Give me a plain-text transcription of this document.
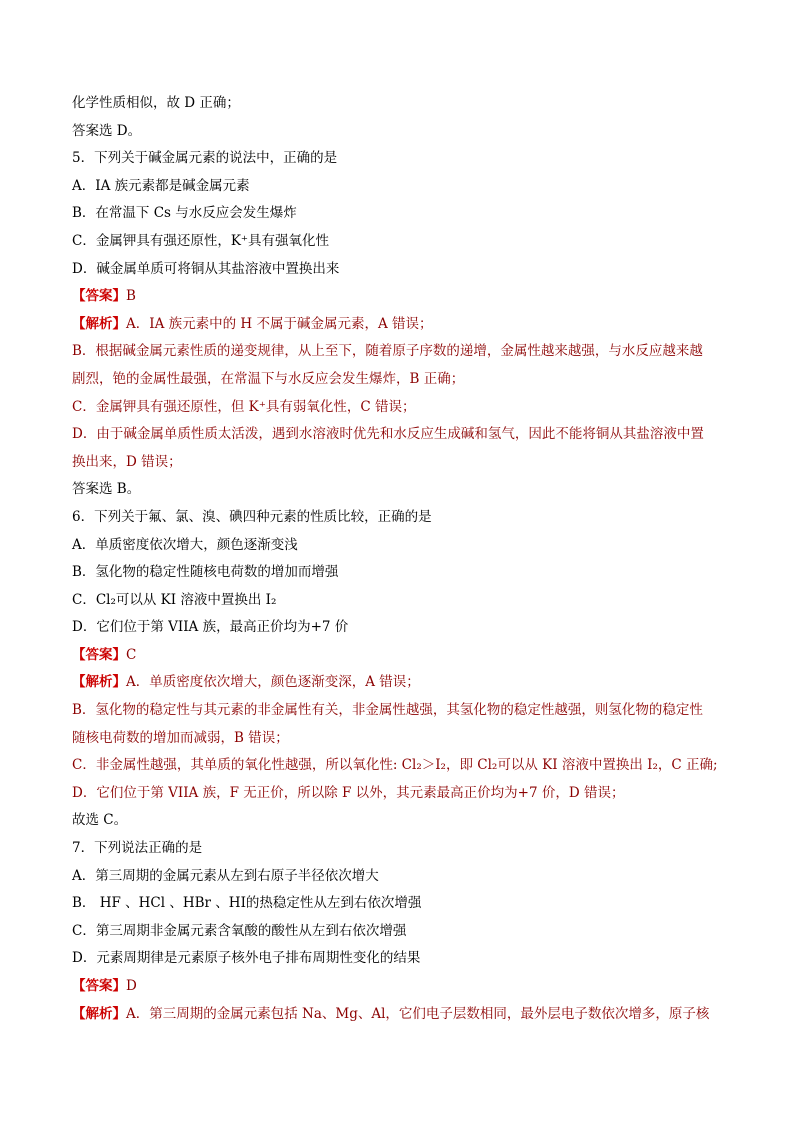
化学性质相似，故 D 正确；
答案选 D。
5．下列关于碱金属元素的说法中，正确的是
A．IA 族元素都是碱金属元素
B．在常温下 Cs 与水反应会发生爆炸
C．金属钾具有强还原性，K⁺具有强氧化性
D．碱金属单质可将铜从其盐溶液中置换出来
【答案】B
【解析】A．IA 族元素中的 H 不属于碱金属元素，A 错误；
B．根据碱金属元素性质的递变规律，从上至下，随着原子序数的递增，金属性越来越强，与水反应越来越
剧烈，铯的金属性最强，在常温下与水反应会发生爆炸，B 正确；
C．金属钾具有强还原性，但 K⁺具有弱氧化性，C 错误；
D．由于碱金属单质性质太活泼，遇到水溶液时优先和水反应生成碱和氢气，因此不能将铜从其盐溶液中置
换出来，D 错误；
答案选 B。
6．下列关于氟、氯、溴、碘四种元素的性质比较，正确的是
A．单质密度依次增大，颜色逐渐变浅
B．氢化物的稳定性随核电荷数的增加而增强
C．Cl₂可以从 KI 溶液中置换出 I₂
D．它们位于第 VIIA 族，最高正价均为+7 价
【答案】C
【解析】A．单质密度依次增大，颜色逐渐变深，A 错误；
B．氢化物的稳定性与其元素的非金属性有关，非金属性越强，其氢化物的稳定性越强，则氢化物的稳定性
随核电荷数的增加而减弱，B 错误；
C．非金属性越强，其单质的氧化性越强，所以氧化性: Cl₂＞I₂，即 Cl₂可以从 KI 溶液中置换出 I₂，C 正确;
D．它们位于第 VIIA 族，F 无正价，所以除 F 以外，其元素最高正价均为+7 价，D 错误；
故选 C。
7．下列说法正确的是
A．第三周期的金属元素从左到右原子半径依次增大
B． HF 、HCl 、HBr 、HI的热稳定性从左到右依次增强
C．第三周期非金属元素含氧酸的酸性从左到右依次增强
D．元素周期律是元素原子核外电子排布周期性变化的结果
【答案】D
【解析】A．第三周期的金属元素包括 Na、Mg、Al，它们电子层数相同，最外层电子数依次增多，原子核
